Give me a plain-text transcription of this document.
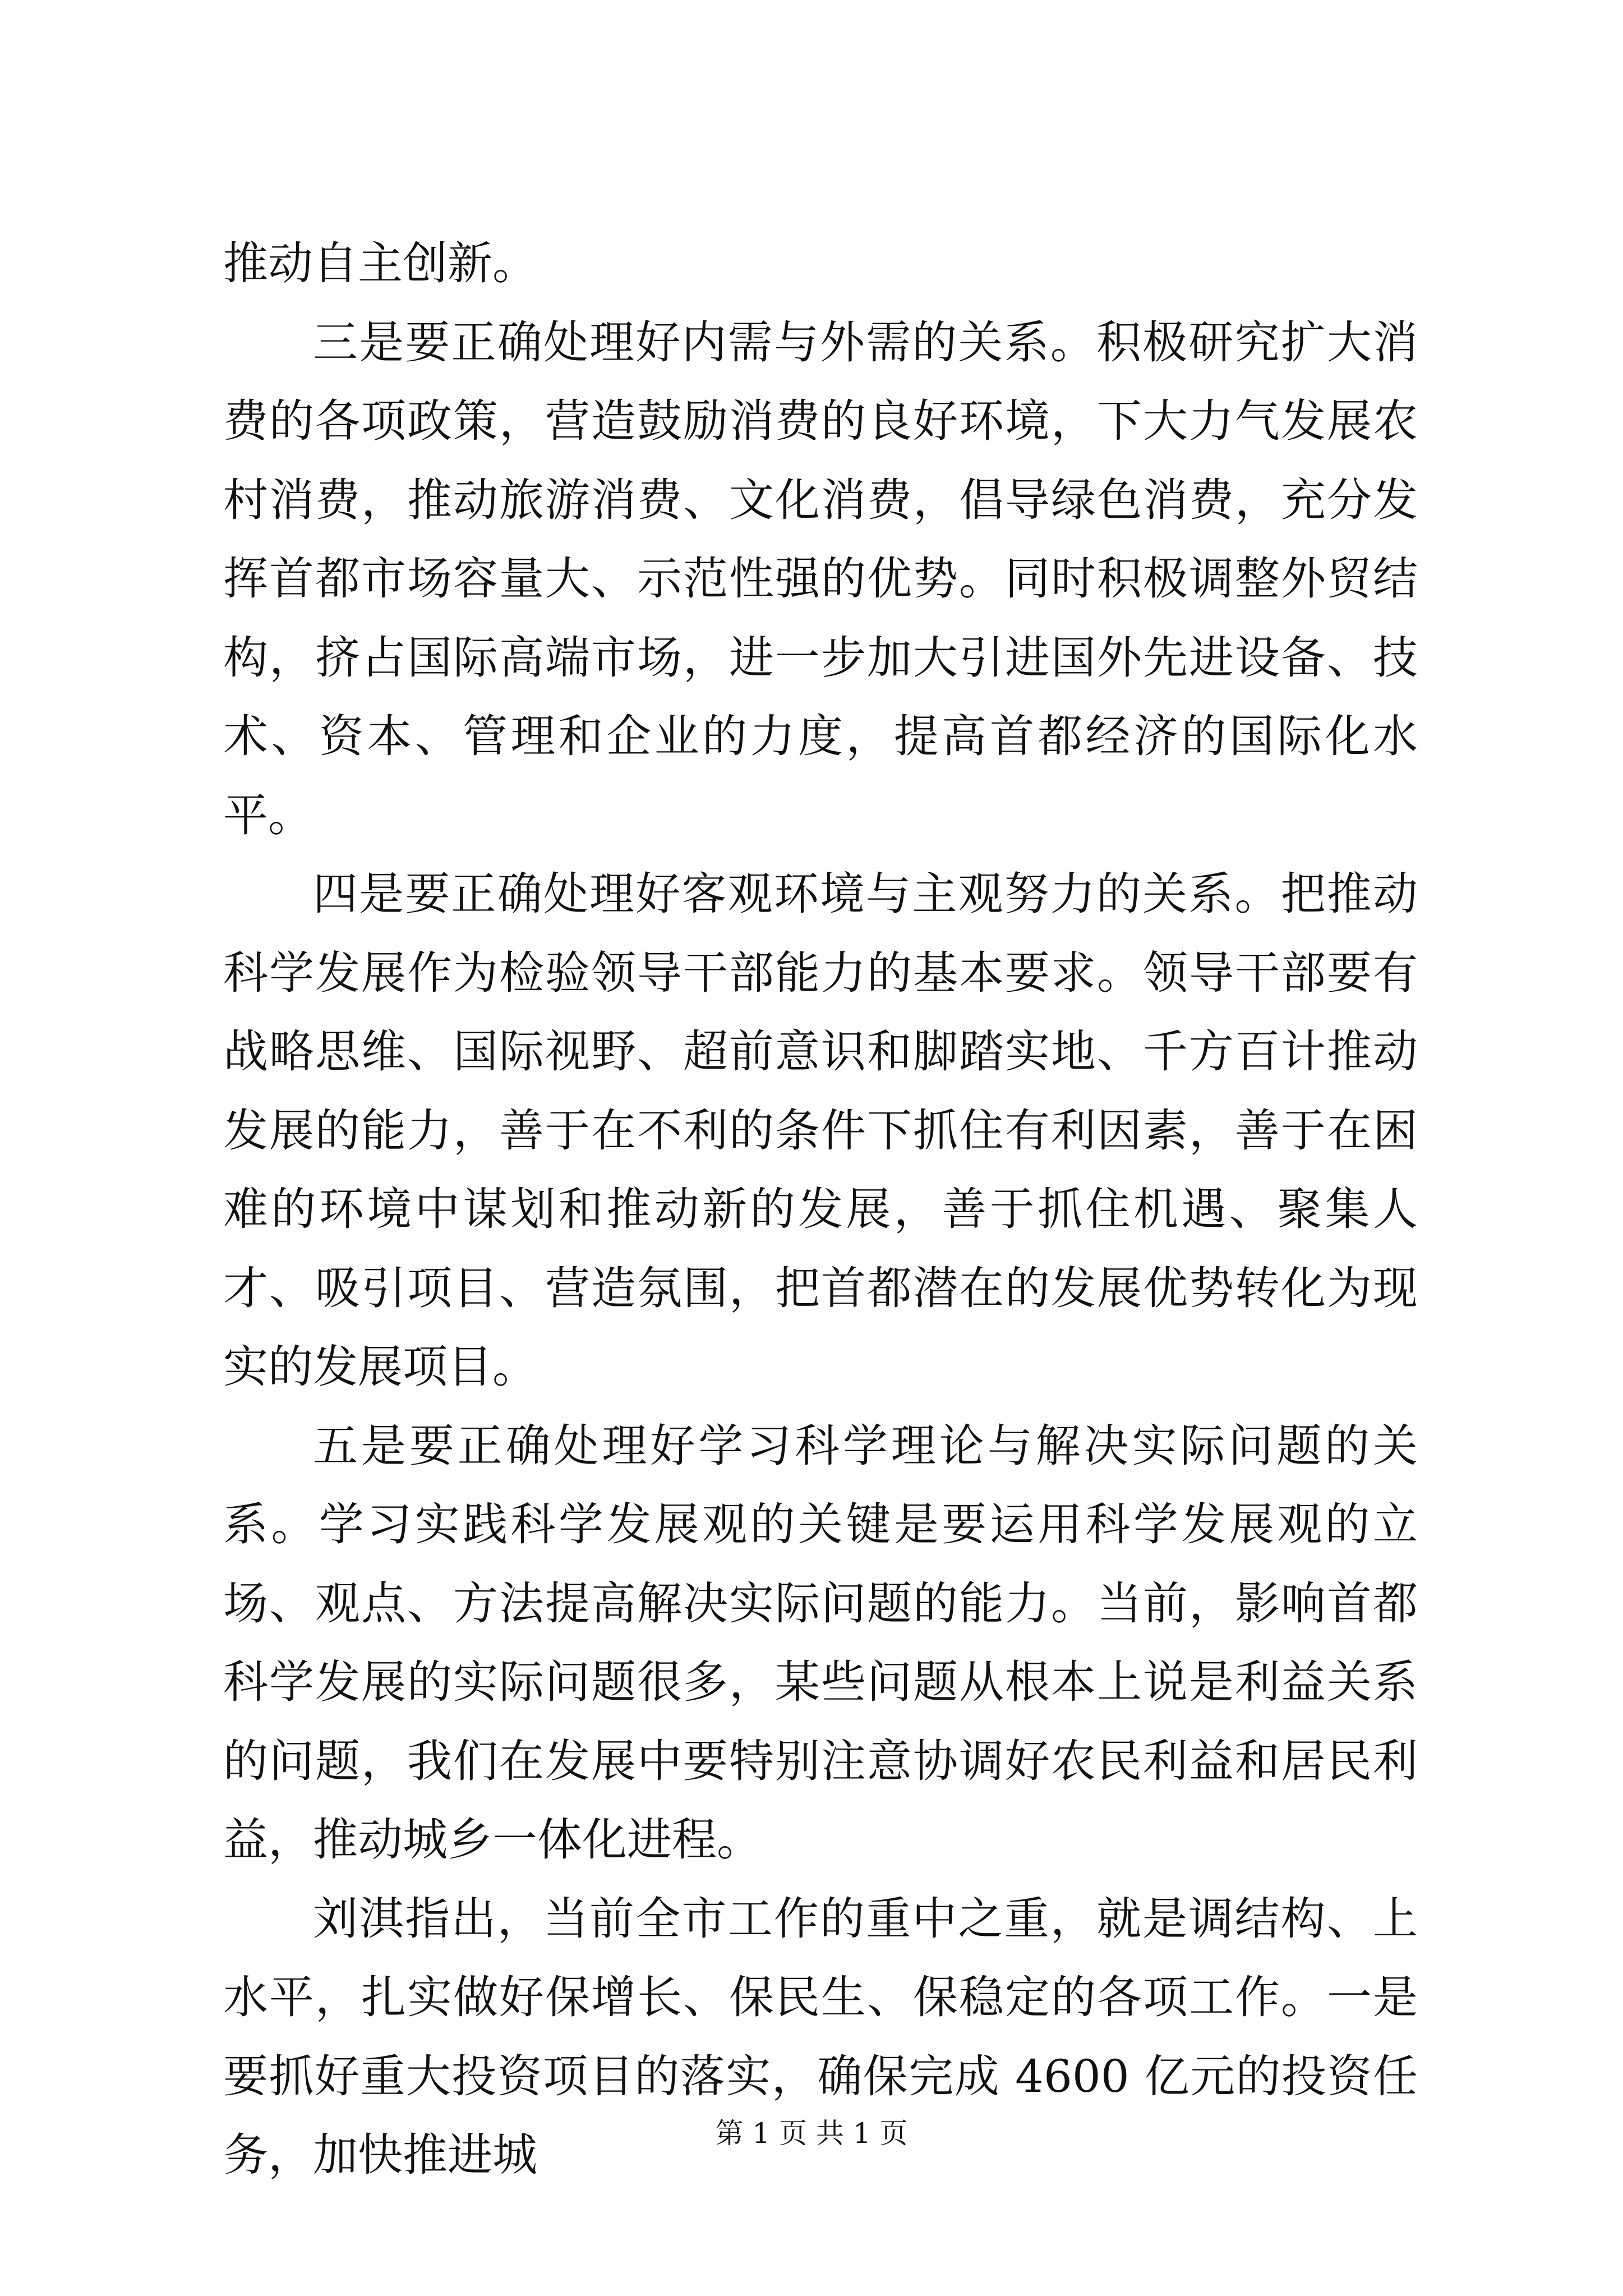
推动自主创新。

三是要正确处理好内需与外需的关系。积极研究扩大消费的各项政策，营造鼓励消费的良好环境，下大力气发展农村消费，推动旅游消费、文化消费，倡导绿色消费，充分发挥首都市场容量大、示范性强的优势。同时积极调整外贸结构，挤占国际高端市场，进一步加大引进国外先进设备、技术、资本、管理和企业的力度，提高首都经济的国际化水平。

四是要正确处理好客观环境与主观努力的关系。把推动科学发展作为检验领导干部能力的基本要求。领导干部要有战略思维、国际视野、超前意识和脚踏实地、千方百计推动发展的能力，善于在不利的条件下抓住有利因素，善于在困难的环境中谋划和推动新的发展，善于抓住机遇、聚集人才、吸引项目、营造氛围，把首都潜在的发展优势转化为现实的发展项目。

五是要正确处理好学习科学理论与解决实际问题的关系。学习实践科学发展观的关键是要运用科学发展观的立场、观点、方法提高解决实际问题的能力。当前，影响首都科学发展的实际问题很多，某些问题从根本上说是利益关系的问题，我们在发展中要特别注意协调好农民利益和居民利益，推动城乡一体化进程。

刘淇指出，当前全市工作的重中之重，就是调结构、上水平，扎实做好保增长、保民生、保稳定的各项工作。一是要抓好重大投资项目的落实，确保完成 4600 亿元的投资任务，加快推进城	第 1 页 共 1 页
